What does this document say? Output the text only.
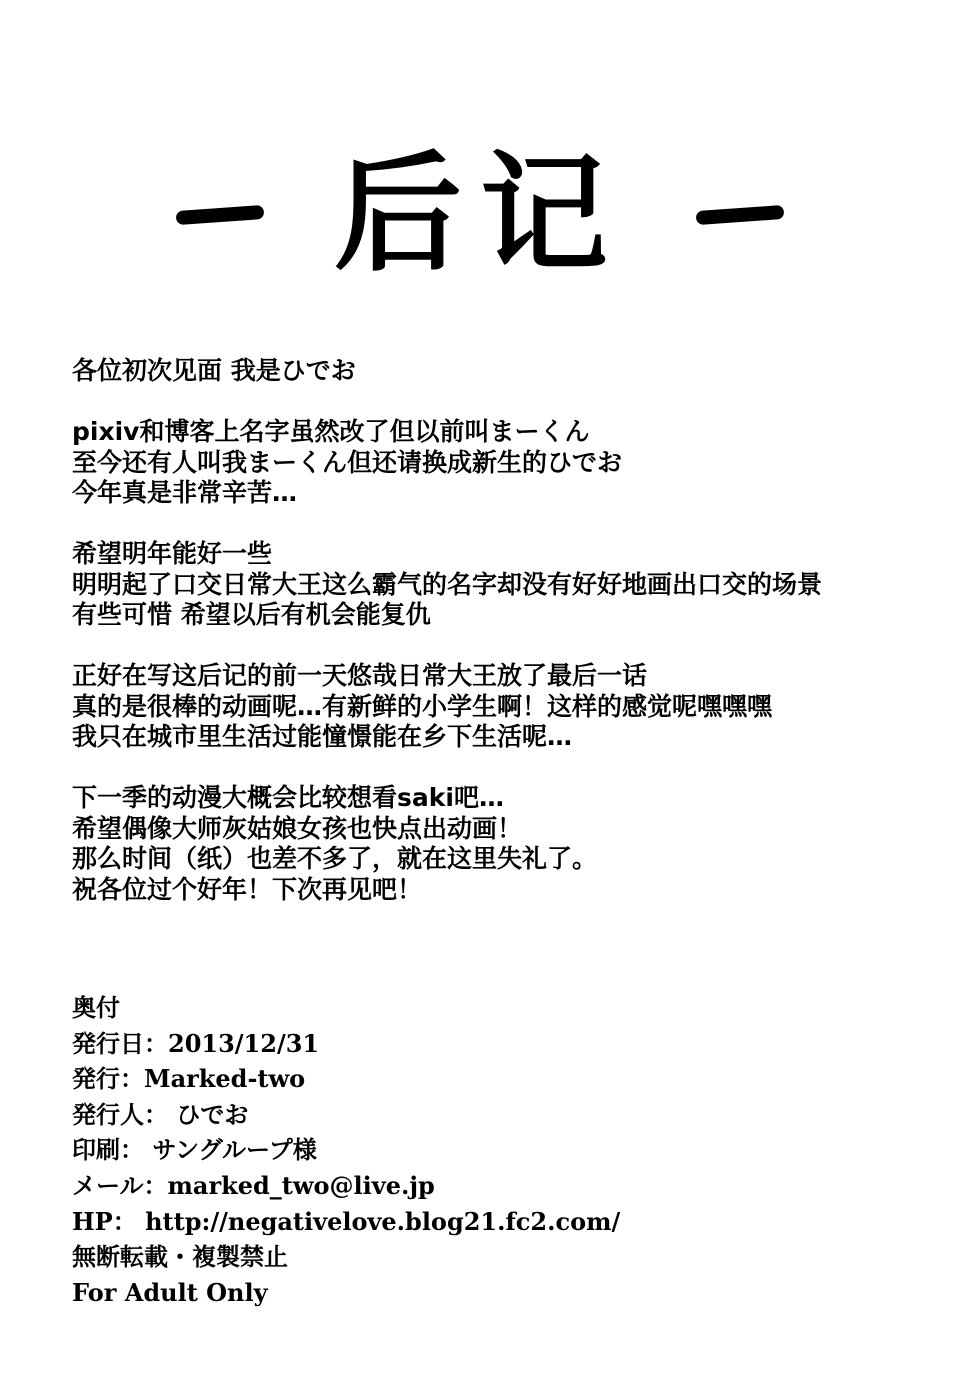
后记
各位初次见面 我是ひでお
pixiv和博客上名字虽然改了但以前叫まーくん
至今还有人叫我まーくん但还请换成新生的ひでお
今年真是非常辛苦…
希望明年能好一些
明明起了口交日常大王这么霸气的名字却没有好好地画出口交的场景
有些可惜 希望以后有机会能复仇
正好在写这后记的前一天悠哉日常大王放了最后一话
真的是很棒的动画呢…有新鲜的小学生啊！这样的感觉呢嘿嘿嘿
我只在城市里生活过能憧憬能在乡下生活呢…
下一季的动漫大概会比较想看saki吧…
希望偶像大师灰姑娘女孩也快点出动画！
那么时间（纸）也差不多了，就在这里失礼了。
祝各位过个好年！下次再见吧！
奥付
発行日：2013/12/31
発行：Marked-two
発行人： ひでお
印刷： サングループ様
メール：marked_two@live.jp
HP： http://negativelove.blog21.fc2.com/
無断転載・複製禁止
For Adult Only
